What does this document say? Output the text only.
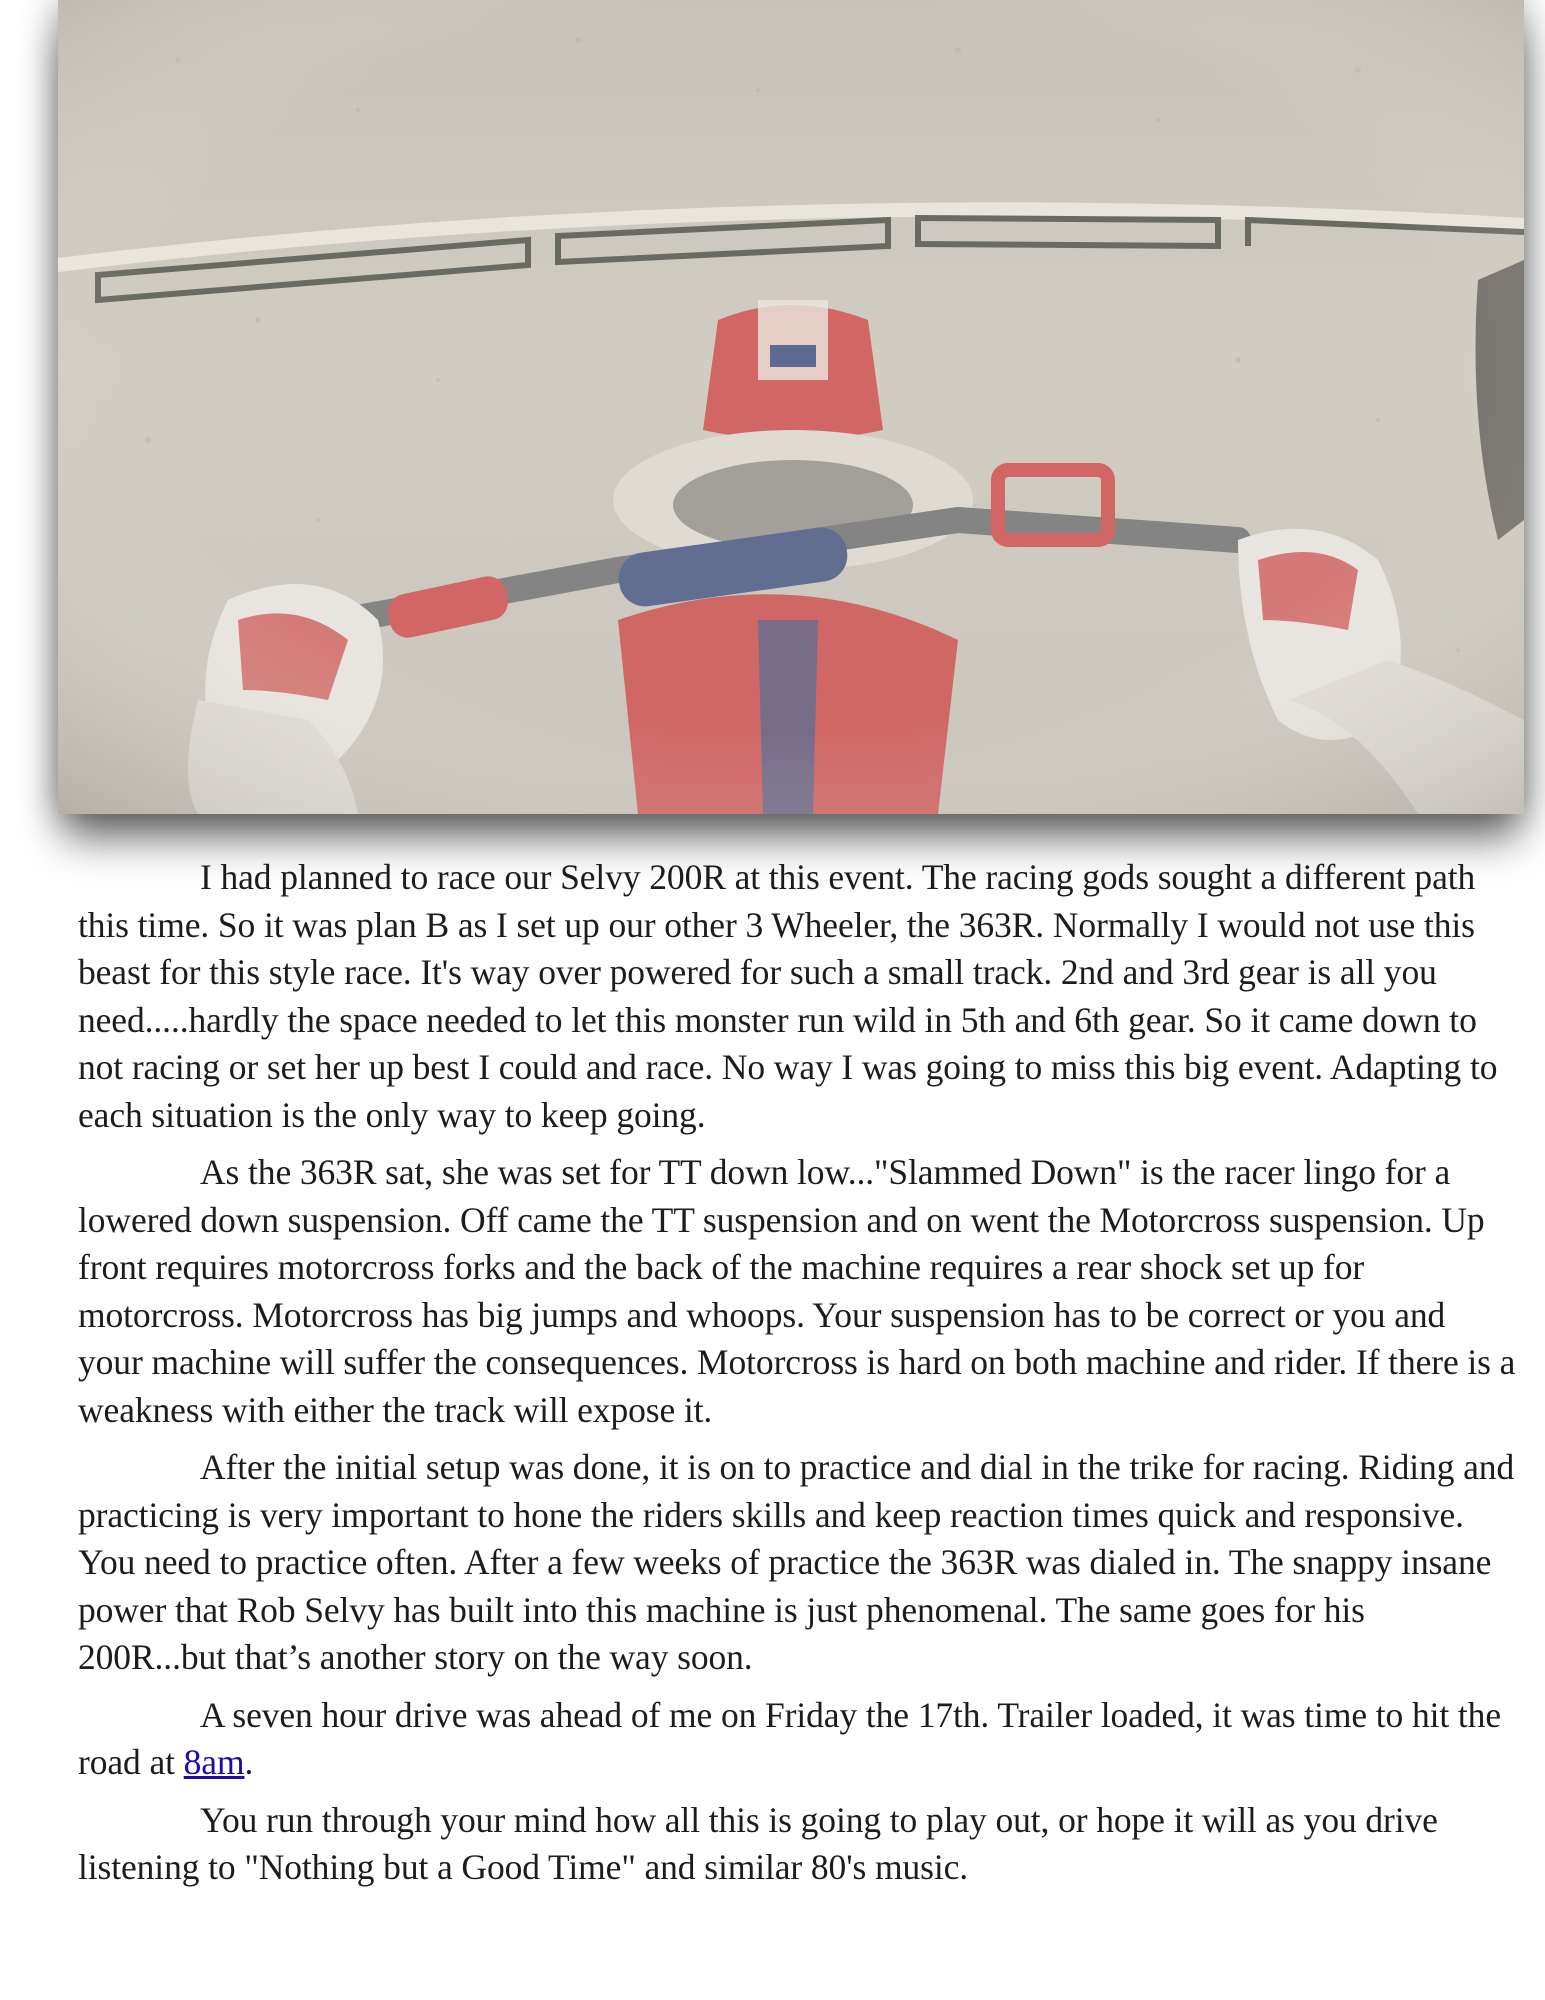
I had planned to race our Selvy 200R at this event. The racing gods sought a different path this time. So it was plan B as I set up our other 3 Wheeler, the 363R. Normally I would not use this beast for this style race. It's way over powered for such a small track. 2nd and 3rd gear is all you need.....hardly the space needed to let this monster run wild in 5th and 6th gear. So it came down to not racing or set her up best I could and race. No way I was going to miss this big event. Adapting to each situation is the only way to keep going.

As the 363R sat, she was set for TT down low..."Slammed Down" is the racer lingo for a lowered down suspension. Off came the TT suspension and on went the Motorcross suspension. Up front requires motorcross forks and the back of the machine requires a rear shock set up for motorcross. Motorcross has big jumps and whoops. Your suspension has to be correct or you and your machine will suffer the consequences. Motorcross is hard on both machine and rider. If there is a weakness with either the track will expose it.

After the initial setup was done, it is on to practice and dial in the trike for racing. Riding and practicing is very important to hone the riders skills and keep reaction times quick and responsive. You need to practice often. After a few weeks of practice the 363R was dialed in. The snappy insane power that Rob Selvy has built into this machine is just phenomenal. The same goes for his 200R...but that’s another story on the way soon.

A seven hour drive was ahead of me on Friday the 17th. Trailer loaded, it was time to hit the road at 8am.

You run through your mind how all this is going to play out, or hope it will as you drive listening to "Nothing but a Good Time" and similar 80's music.
